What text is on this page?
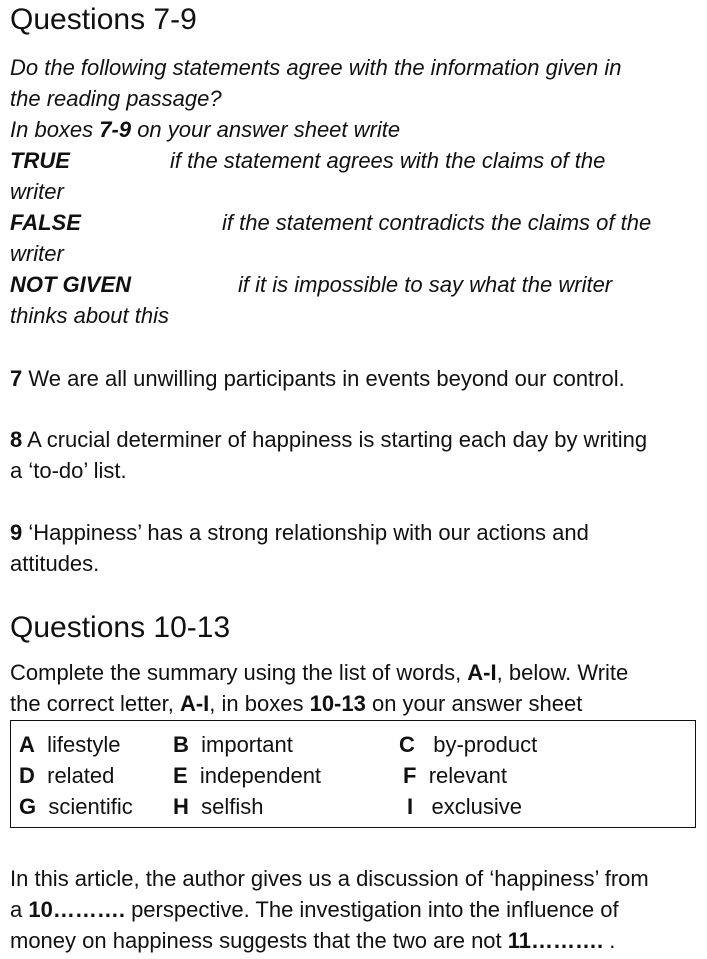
Questions 7-9
Do the following statements agree with the information given in
the reading passage?
In boxes 7-9 on your answer sheet write
TRUE	if the statement agrees with the claims of the
writer
FALSE	if the statement contradicts the claims of the
writer
NOT GIVEN	if it is impossible to say what the writer
thinks about this
7 We are all unwilling participants in events beyond our control.
8 A crucial determiner of happiness is starting each day by writing
a ‘to-do’ list.
9 ‘Happiness’ has a strong relationship with our actions and
attitudes.
Questions 10-13
Complete the summary using the list of words, A-I, below. Write
the correct letter, A-I, in boxes 10-13 on your answer sheet
A lifestyle B important	C by-product
D related	E independent	F relevant
G scientific H selfish	I exclusive
In this article, the author gives us a discussion of ‘happiness’ from
a 10………. perspective. The investigation into the influence of
money on happiness suggests that the two are not 11………. .
